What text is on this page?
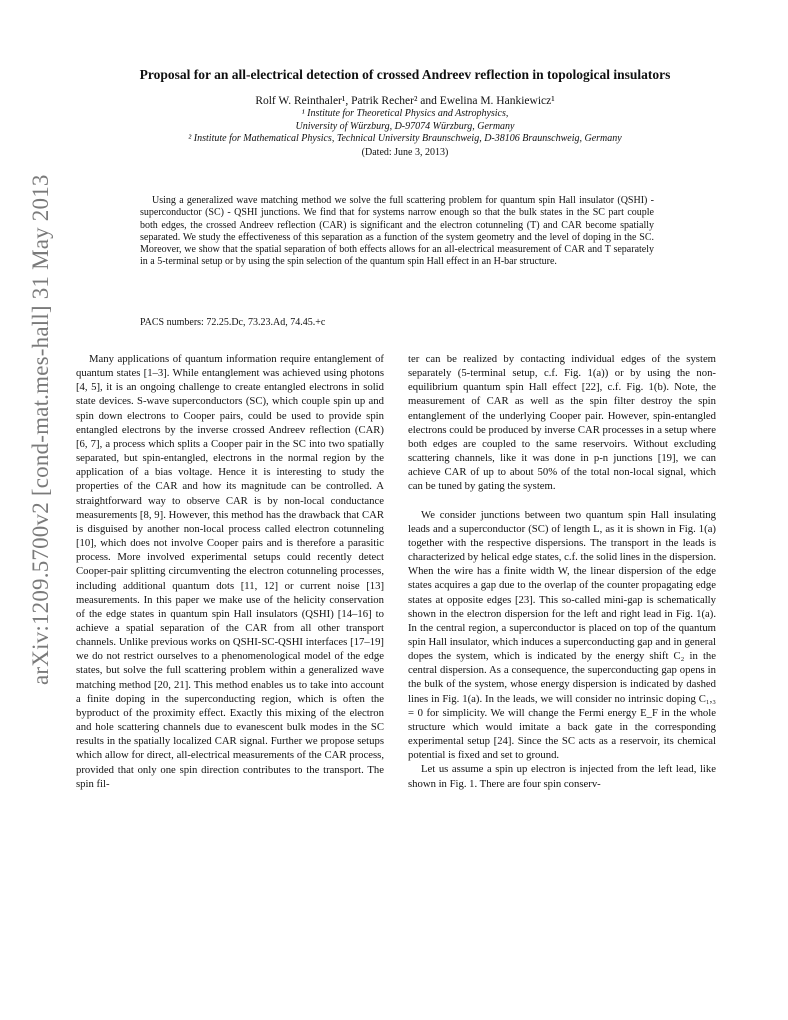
arXiv:1209.5700v2 [cond-mat.mes-hall] 31 May 2013
Proposal for an all-electrical detection of crossed Andreev reflection in topological insulators
Rolf W. Reinthaler¹, Patrik Recher² and Ewelina M. Hankiewicz¹
¹ Institute for Theoretical Physics and Astrophysics,
University of Würzburg, D-97074 Würzburg, Germany
² Institute for Mathematical Physics, Technical University Braunschweig, D-38106 Braunschweig, Germany
(Dated: June 3, 2013)
Using a generalized wave matching method we solve the full scattering problem for quantum spin Hall insulator (QSHI) - superconductor (SC) - QSHI junctions. We find that for systems narrow enough so that the bulk states in the SC part couple both edges, the crossed Andreev reflection (CAR) is significant and the electron cotunneling (T) and CAR become spatially separated. We study the effectiveness of this separation as a function of the system geometry and the level of doping in the SC. Moreover, we show that the spatial separation of both effects allows for an all-electrical measurement of CAR and T separately in a 5-terminal setup or by using the spin selection of the quantum spin Hall effect in an H-bar structure.
PACS numbers: 72.25.Dc, 73.23.Ad, 74.45.+c

Many applications of quantum information require entanglement of quantum states [1–3]. While entanglement was achieved using photons [4, 5], it is an ongoing challenge to create entangled electrons in solid state devices. S-wave superconductors (SC), which couple spin up and spin down electrons to Cooper pairs, could be used to provide spin entangled electrons by the inverse crossed Andreev reflection (CAR) [6, 7], a process which splits a Cooper pair in the SC into two spatially separated, but spin-entangled, electrons in the normal region by the application of a bias voltage. Hence it is interesting to study the properties of the CAR and how its magnitude can be controlled. A straightforward way to observe CAR is by non-local conductance measurements [8, 9]. However, this method has the drawback that CAR is disguised by another non-local process called electron cotunneling [10], which does not involve Cooper pairs and is therefore a parasitic process. More involved experimental setups could recently detect Cooper-pair splitting circumventing the electron cotunneling processes, including additional quantum dots [11, 12] or current noise [13] measurements. In this paper we make use of the helicity conservation of the edge states in quantum spin Hall insulators (QSHI) [14–16] to achieve a spatial separation of the CAR from all other transport channels. Unlike previous works on QSHI-SC-QSHI interfaces [17–19] we do not restrict ourselves to a phenomenological model of the edge states, but solve the full scattering problem within a generalized wave matching method [20, 21]. This method enables us to take into account a finite doping in the superconducting region, which is often the byproduct of the proximity effect. Exactly this mixing of the electron and hole scattering channels due to evanescent bulk modes in the SC results in the spatially localized CAR signal. Further we propose setups which allow for direct, all-electrical measurements of the CAR process, provided that only one spin direction contributes to the transport. The spin fil-

ter can be realized by contacting individual edges of the system separately (5-terminal setup, c.f. Fig. 1(a)) or by using the non-equilibrium quantum spin Hall effect [22], c.f. Fig. 1(b). Note, the measurement of CAR as well as the spin filter destroy the spin entanglement of the underlying Cooper pair. However, spin-entangled electrons could be produced by inverse CAR processes in a setup where both edges are coupled to the same reservoirs. Without excluding scattering channels, like it was done in p-n junctions [19], we can achieve CAR of up to about 50% of the total non-local signal, which can be tuned by gating the system.

We consider junctions between two quantum spin Hall insulating leads and a superconductor (SC) of length L, as it is shown in Fig. 1(a) together with the respective dispersions. The transport in the leads is characterized by helical edge states, c.f. the solid lines in the dispersion. When the wire has a finite width W, the linear dispersion of the edge states acquires a gap due to the overlap of the counter propagating edge states at opposite edges [23]. This so-called mini-gap is schematically shown in the electron dispersion for the left and right lead in Fig. 1(a). In the central region, a superconductor is placed on top of the quantum spin Hall insulator, which induces a superconducting gap and in general dopes the system, which is indicated by the energy shift C₂ in the central dispersion. As a consequence, the superconducting gap opens in the bulk of the system, whose energy dispersion is indicated by dashed lines in Fig. 1(a). In the leads, we will consider no intrinsic doping C₁,₃ = 0 for simplicity. We will change the Fermi energy E_F in the whole structure which would imitate a back gate in the corresponding experimental setup [24]. Since the SC acts as a reservoir, its chemical potential is fixed and set to ground.

Let us assume a spin up electron is injected from the left lead, like shown in Fig. 1. There are four spin conserv-
